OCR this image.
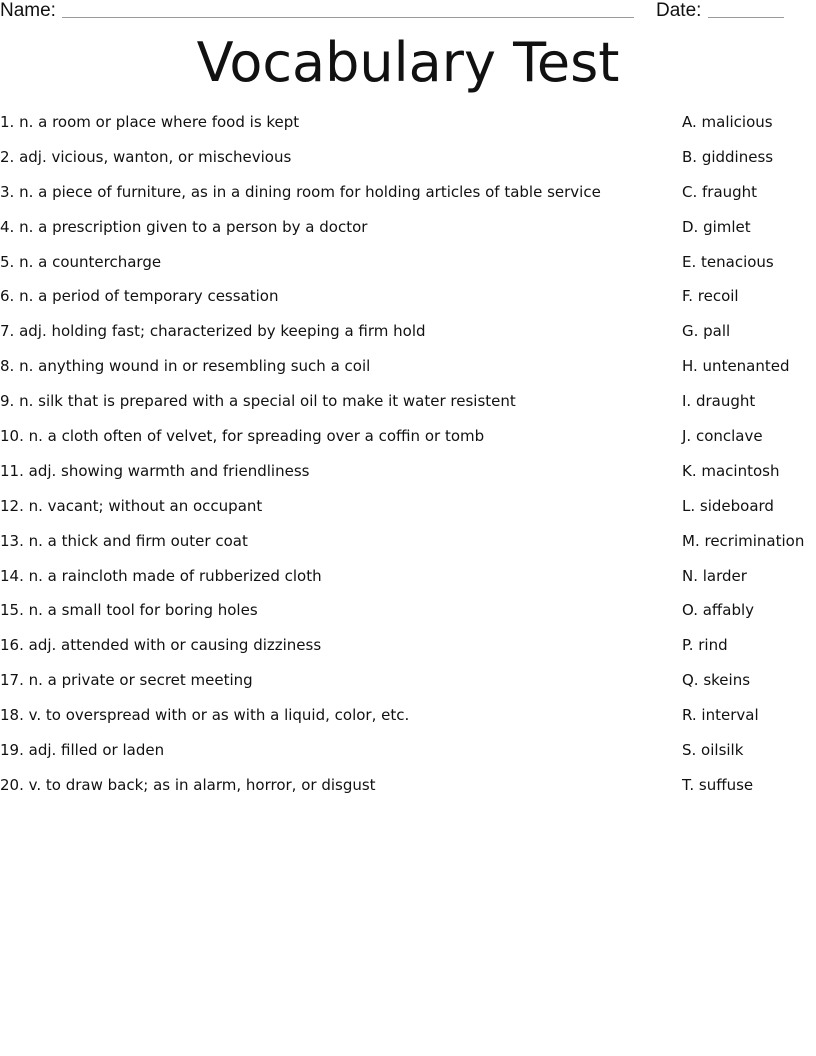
Name:	Date:
Vocabulary Test
1. n. a room or place where food is kept
2. adj. vicious, wanton, or mischevious
3. n. a piece of furniture, as in a dining room for holding articles of table service
4. n. a prescription given to a person by a doctor
5. n. a countercharge
6. n. a period of temporary cessation
7. adj. holding fast; characterized by keeping a firm hold
8. n. anything wound in or resembling such a coil
9. n. silk that is prepared with a special oil to make it water resistent
10. n. a cloth often of velvet, for spreading over a coffin or tomb
11. adj. showing warmth and friendliness
12. n. vacant; without an occupant
13. n. a thick and firm outer coat
14. n. a raincloth made of rubberized cloth
15. n. a small tool for boring holes
16. adj. attended with or causing dizziness
17. n. a private or secret meeting
18. v. to overspread with or as with a liquid, color, etc.
19. adj. filled or laden
20. v. to draw back; as in alarm, horror, or disgust
A. malicious
B. giddiness
C. fraught
D. gimlet
E. tenacious
F. recoil
G. pall
H. untenanted
I. draught
J. conclave
K. macintosh
L. sideboard
M. recrimination
N. larder
O. affably
P. rind
Q. skeins
R. interval
S. oilsilk
T. suffuse
